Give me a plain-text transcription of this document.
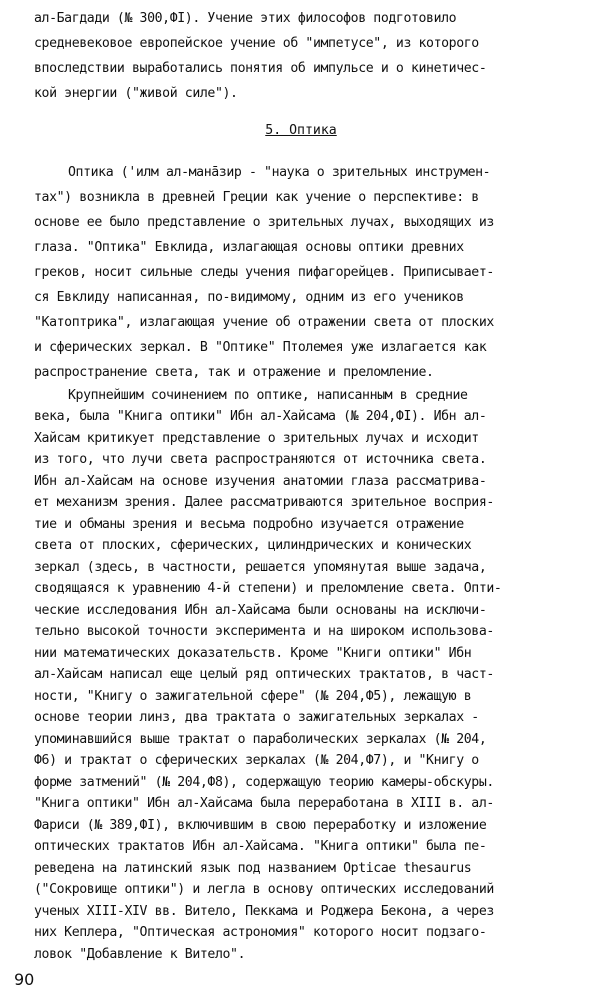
ал-Багдади (№ 300,ФI). Учение этих философов подготовило
средневековое европейское учение об "импетусе", из которого
впоследствии выработались понятия об импульсе и о кинетичес-
кой энергии ("живой силе").
5. Оптика
Оптика ('илм ал-манāзир - "наука о зрительных инструмен-
тах") возникла в древней Греции как учение о перспективе: в
основе ее было представление о зрительных лучах, выходящих из
глаза. "Оптика" Евклида, излагающая основы оптики древних
греков, носит сильные следы учения пифагорейцев. Приписывает-
ся Евклиду написанная, по-видимому, одним из его учеников
"Катоптрика", излагающая учение об отражении света от плоских
и сферических зеркал. В "Оптике" Птолемея уже излагается как
распространение света, так и отражение и преломление.
Крупнейшим сочинением по оптике, написанным в средние
века, была "Книга оптики" Ибн ал-Хайсама (№ 204,ФI). Ибн ал-
Хайсам критикует представление о зрительных лучах и исходит
из того, что лучи света распространяются от источника света.
Ибн ал-Хайсам на основе изучения анатомии глаза рассматрива-
ет механизм зрения. Далее рассматриваются зрительное восприя-
тие и обманы зрения и весьма подробно изучается отражение
света от плоских, сферических, цилиндрических и конических
зеркал (здесь, в частности, решается упомянутая выше задача,
сводящаяся к уравнению 4-й степени) и преломление света. Опти-
ческие исследования Ибн ал-Хайсама были основаны на исключи-
тельно высокой точности эксперимента и на широком использова-
нии математических доказательств. Кроме "Книги оптики" Ибн
ал-Хайсам написал еще целый ряд оптических трактатов, в част-
ности, "Книгу о зажигательной сфере" (№ 204,Ф5), лежащую в
основе теории линз, два трактата о зажигательных зеркалах -
упоминавшийся выше трактат о параболических зеркалах (№ 204,
Ф6) и трактат о сферических зеркалах (№ 204,Ф7), и "Книгу о
форме затмений" (№ 204,Ф8), содержащую теорию камеры-обскуры.
"Книга оптики" Ибн ал-Хайсама была переработана в XIII в. ал-
Фариси (№ 389,ФI), включившим в свою переработку и изложение
оптических трактатов Ибн ал-Хайсама. "Книга оптики" была пе-
реведена на латинский язык под названием Opticae thesaurus
("Сокровище оптики") и легла в основу оптических исследований
ученых XIII-XIV вв. Витело, Пеккама и Роджера Бекона, а через
них Кеплера, "Оптическая астрономия" которого носит подзаго-
ловок "Добавление к Витело".
90
